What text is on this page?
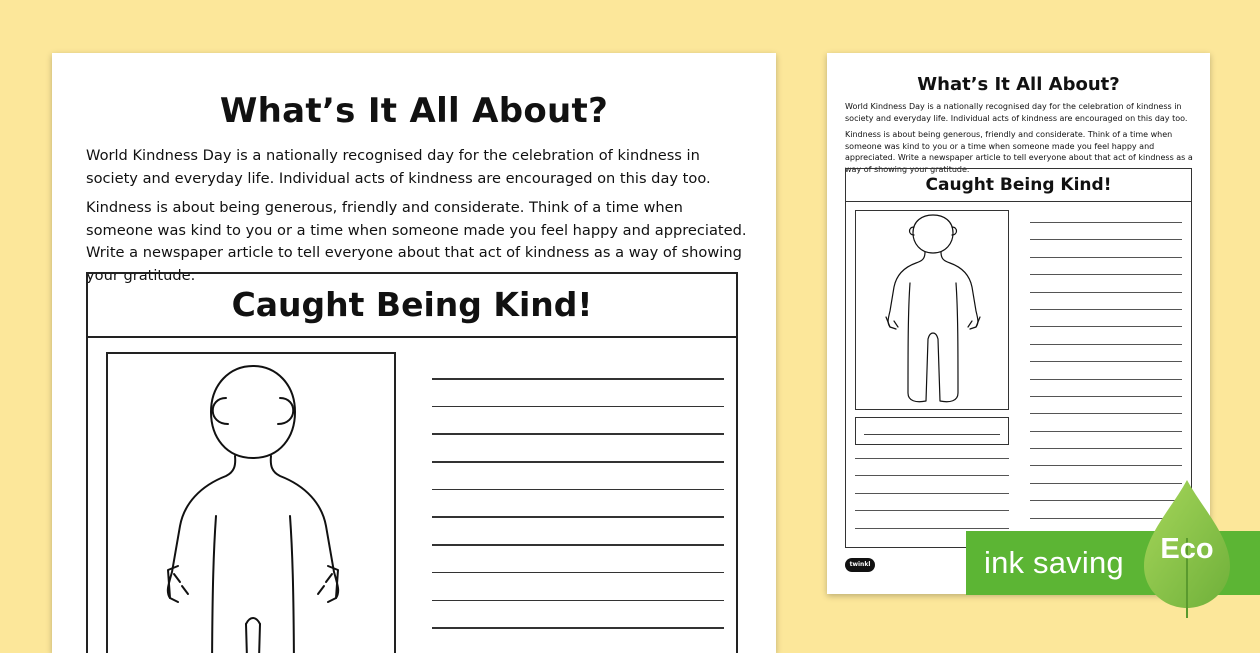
What’s It All About?
World Kindness Day is a nationally recognised day for the celebration of kindness in society and everyday life. Individual acts of kindness are encouraged on this day too.
Kindness is about being generous, friendly and considerate. Think of a time when someone was kind to you or a time when someone made you feel happy and appreciated. Write a newspaper article to tell everyone about that act of kindness as a way of showing your gratitude.
Caught Being Kind!
What’s It All About?
World Kindness Day is a nationally recognised day for the celebration of kindness in society and everyday life. Individual acts of kindness are encouraged on this day too.
Kindness is about being generous, friendly and considerate. Think of a time when someone was kind to you or a time when someone made you feel happy and appreciated. Write a newspaper article to tell everyone about that act of kindness as a way of showing your gratitude.
Caught Being Kind!
twinkl	ink saving	Eco
